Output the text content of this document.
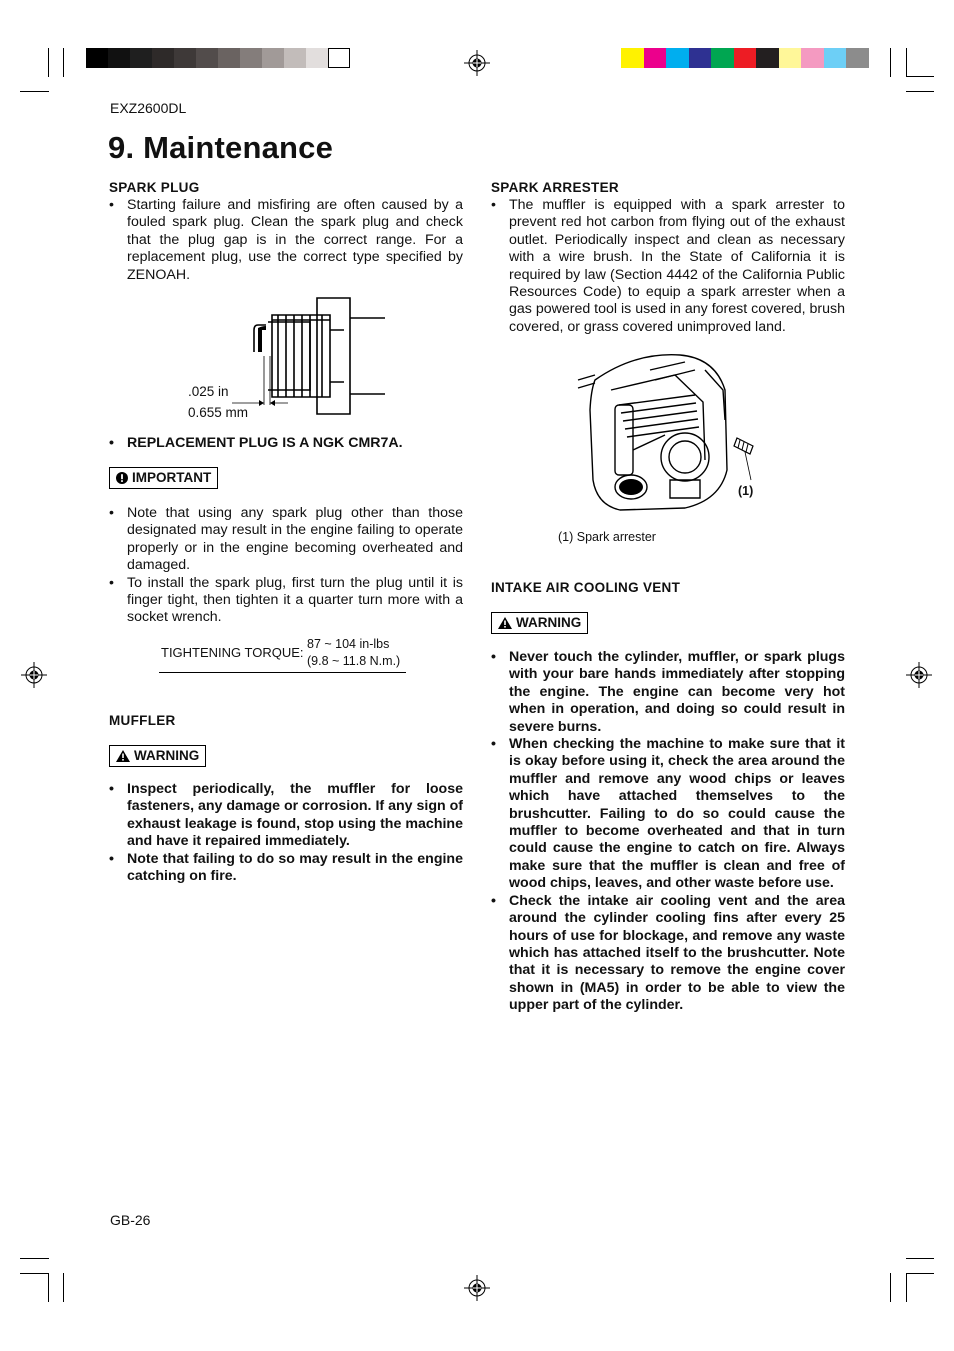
EXZ2600DL
9. Maintenance
SPARK PLUG
• Starting failure and misfiring are often caused by a fouled spark plug. Clean the spark plug and check that the plug gap is in the correct range. For a replacement plug, use the correct type specified by ZENOAH.
.025 in
0.655 mm
• REPLACEMENT PLUG IS A NGK CMR7A.
IMPORTANT
• Note that using any spark plug other than those designated may result in the engine failing to operate properly or in the engine becoming overheated and damaged.
• To install the spark plug, first turn the plug until it is finger tight, then tighten it a quarter turn more with a socket wrench.
TIGHTENING TORQUE:
87 ~ 104 in-lbs
(9.8 ~ 11.8 N.m.)
MUFFLER
WARNING
• Inspect periodically, the muffler for loose fasteners, any damage or corrosion. If any sign of exhaust leakage is found, stop using the machine and have it repaired immediately.
• Note that failing to do so may result in the engine catching on fire.
SPARK ARRESTER
• The muffler is equipped with a spark arrester to prevent red hot carbon from flying out of the exhaust outlet. Periodically inspect and clean as necessary with a wire brush. In the State of California it is required by law (Section 4442 of the California Public Resources Code) to equip a spark arrester when a gas powered tool is used in any forest covered, brush covered, or grass covered unimproved land.
(1)
(1) Spark arrester
INTAKE AIR COOLING VENT
WARNING
• Never touch the cylinder, muffler, or spark plugs with your bare hands immediately after stopping the engine. The engine can become very hot when in operation, and doing so could result in severe burns.
• When checking the machine to make sure that it is okay before using it, check the area around the muffler and remove any wood chips or leaves which have attached themselves to the brushcutter. Failing to do so could cause the muffler to become overheated and that in turn could cause the engine to catch on fire. Always make sure that the muffler is clean and free of wood chips, leaves, and other waste before use.
• Check the intake air cooling vent and the area around the cylinder cooling fins after every 25 hours of use for blockage, and remove any waste which has attached itself to the brushcutter. Note that it is necessary to remove the engine cover shown in (MA5) in order to be able to view the upper part of the cylinder.
GB-26
